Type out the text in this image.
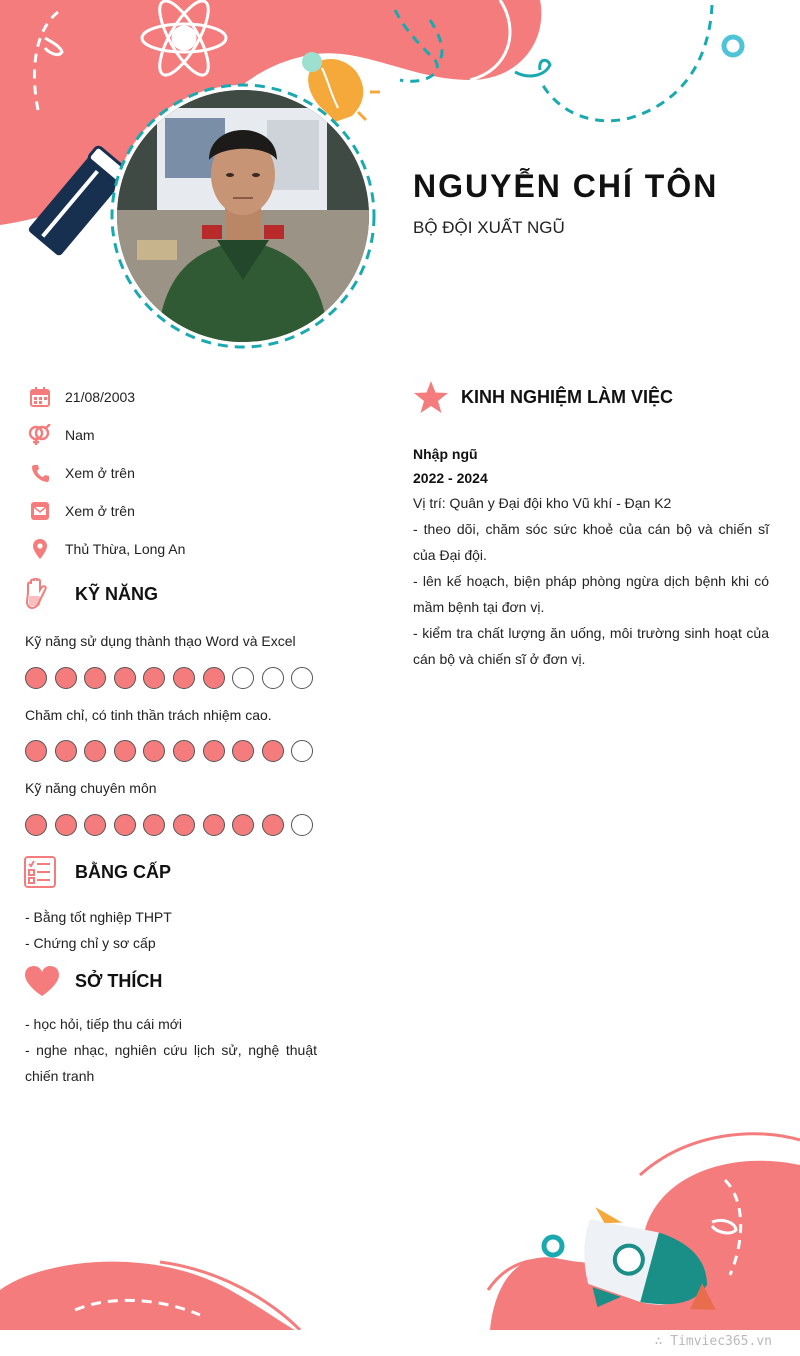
NGUYỄN CHÍ TÔN
BỘ ĐỘI XUẤT NGŨ
21/08/2003
Nam
Xem ở trên
Xem ở trên
Thủ Thừa, Long An
KỸ NĂNG
Kỹ năng sử dụng thành thạo Word và Excel
Chăm chỉ, có tinh thần trách nhiệm cao.
Kỹ năng chuyên môn
BẰNG CẤP
- Bằng tốt nghiệp THPT
- Chứng chỉ y sơ cấp
SỞ THÍCH
- học hỏi, tiếp thu cái mới
- nghe nhạc, nghiên cứu lịch sử, nghệ thuật chiến tranh
KINH NGHIỆM LÀM VIỆC
Nhập ngũ
2022 - 2024
Vị trí: Quân y Đại đội kho Vũ khí - Đạn K2
- theo dõi, chăm sóc sức khoẻ của cán bộ và chiến sĩ của Đại đội.
- lên kế hoạch, biện pháp phòng ngừa dịch bệnh khi có mầm bệnh tại đơn vị.
- kiểm tra chất lượng ăn uống, môi trường sinh hoạt của cán bộ và chiến sĩ ở đơn vị.
∴ Timviec365.vn
